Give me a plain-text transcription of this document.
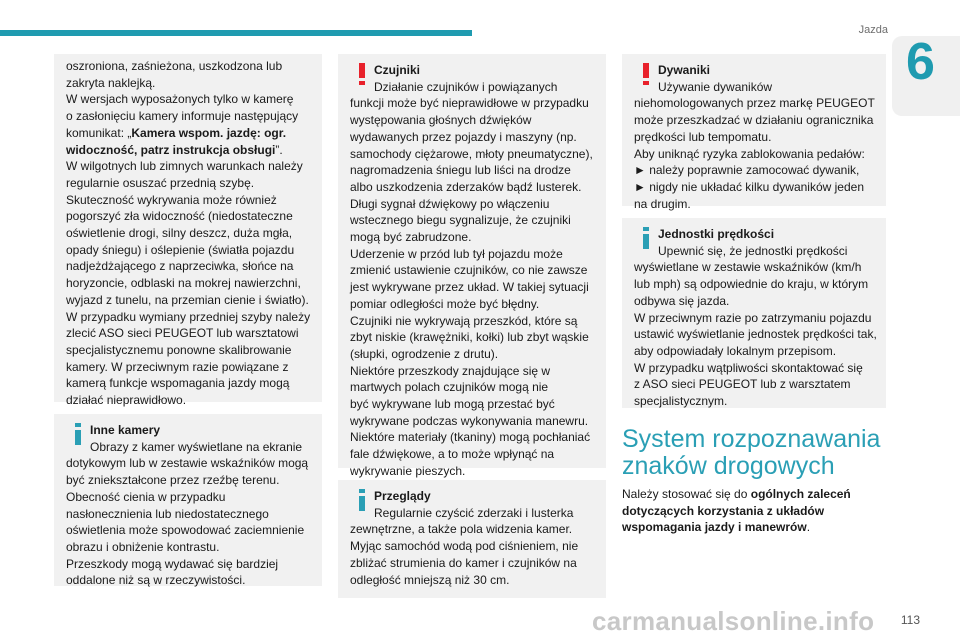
Jazda
6
oszroniona, zaśnieżona, uszkodzona lub
zakryta naklejką.
W wersjach wyposażonych tylko w kamerę
o zasłonięciu kamery informuje następujący
komunikat: „Kamera wspom. jazdę: ogr.
widoczność, patrz instrukcja obsługi”.
W wilgotnych lub zimnych warunkach należy
regularnie osuszać przednią szybę.
Skuteczność wykrywania może również
pogorszyć zła widoczność (niedostateczne
oświetlenie drogi, silny deszcz, duża mgła,
opady śniegu) i oślepienie (światła pojazdu
nadjeżdżającego z naprzeciwka, słońce na
horyzoncie, odblaski na mokrej nawierzchni,
wyjazd z tunelu, na przemian cienie i światło).
W przypadku wymiany przedniej szyby należy
zlecić ASO sieci PEUGEOT lub warsztatowi
specjalistycznemu ponowne skalibrowanie
kamery. W przeciwnym razie powiązane z
kamerą funkcje wspomagania jazdy mogą
działać nieprawidłowo.
Inne kamery
Obrazy z kamer wyświetlane na ekranie
dotykowym lub w zestawie wskaźników mogą
być zniekształcone przez rzeźbę terenu.
Obecność cienia w przypadku
nasłonecznienia lub niedostatecznego
oświetlenia może spowodować zaciemnienie
obrazu i obniżenie kontrastu.
Przeszkody mogą wydawać się bardziej
oddalone niż są w rzeczywistości.
Czujniki
Działanie czujników i powiązanych
funkcji może być nieprawidłowe w przypadku
występowania głośnych dźwięków
wydawanych przez pojazdy i maszyny (np.
samochody ciężarowe, młoty pneumatyczne),
nagromadzenia śniegu lub liści na drodze
albo uszkodzenia zderzaków bądź lusterek.
Długi sygnał dźwiękowy po włączeniu
wstecznego biegu sygnalizuje, że czujniki
mogą być zabrudzone.
Uderzenie w przód lub tył pojazdu może
zmienić ustawienie czujników, co nie zawsze
jest wykrywane przez układ. W takiej sytuacji
pomiar odległości może być błędny.
Czujniki nie wykrywają przeszkód, które są
zbyt niskie (krawężniki, kołki) lub zbyt wąskie
(słupki, ogrodzenie z drutu).
Niektóre przeszkody znajdujące się w
martwych polach czujników mogą nie
być wykrywane lub mogą przestać być
wykrywane podczas wykonywania manewru.
Niektóre materiały (tkaniny) mogą pochłaniać
fale dźwiękowe, a to może wpłynąć na
wykrywanie pieszych.
Przeglądy
Regularnie czyścić zderzaki i lusterka
zewnętrzne, a także pola widzenia kamer.
Myjąc samochód wodą pod ciśnieniem, nie
zbliżać strumienia do kamer i czujników na
odległość mniejszą niż 30 cm.
Dywaniki
Używanie dywaników
niehomologowanych przez markę PEUGEOT
może przeszkadzać w działaniu ogranicznika
prędkości lub tempomatu.
Aby uniknąć ryzyka zablokowania pedałów:
► należy poprawnie zamocować dywanik,
► nigdy nie układać kilku dywaników jeden
na drugim.
Jednostki prędkości
Upewnić się, że jednostki prędkości
wyświetlane w zestawie wskaźników (km/h
lub mph) są odpowiednie do kraju, w którym
odbywa się jazda.
W przeciwnym razie po zatrzymaniu pojazdu
ustawić wyświetlanie jednostek prędkości tak,
aby odpowiadały lokalnym przepisom.
W przypadku wątpliwości skontaktować się
z ASO sieci PEUGEOT lub z warsztatem
specjalistycznym.
System rozpoznawania
znaków drogowych
Należy stosować się do ogólnych zaleceń
dotyczących korzystania z układów
wspomagania jazdy i manewrów.
carmanualsonline.info 113
